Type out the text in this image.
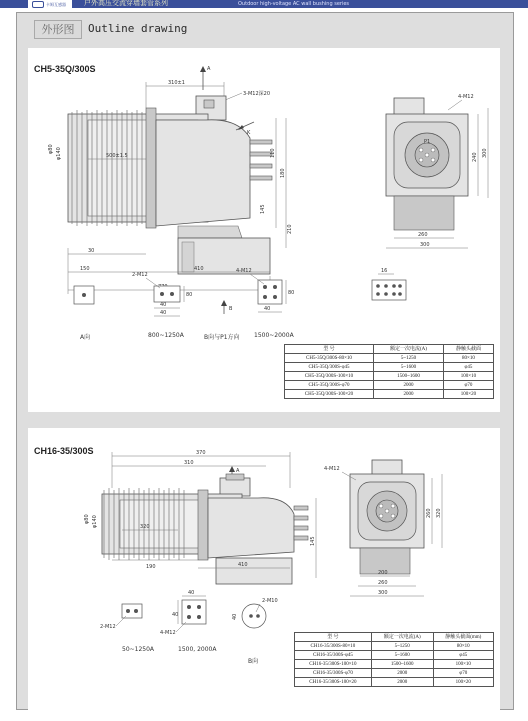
卡姆互感器	户外高压交流穿墙套管系列	Outdoor high-voltage AC wall bushing series
外形图	Outline drawing
CH5-35Q/300S
310±1
A
3-M12深20
500±1.5
φ80 φ140
K
110
180
145
210
30
150	410
B
P1
4-M12
240 300
260
300
2-M12
40
40
80
4-M12
40
80
16
A向	800~1250A	B向与P1方向 1500~2000A
型 号	额定一次电流(A)	静触头截面
CH5-35Q/300S-80×10	5~1250	80×10
CH5-35Q/300S-φ45	5~1600	φ45
CH5-35Q/300S-100×10	1500~1600	100×10
CH5-35Q/300S-φ70	2000	φ70
CH5-35Q/300S-100×20	2000	100×20
CH16-35/300S	370
310
A
φ80 φ140	320
145
190	410
4-M12
260 320
200
260
300
2-M12
4-M12
40
40
2-M10
40
50~1250A	1500, 2000A
B向
型 号	额定一次电流(A)	静触头截面(mm)
CH16-35/300S-80×10	5~1250	80×10
CH16-35/300S-φ45	5~1600	φ45
CH16-35/300S-100×10	1500~1600	100×10
CH16-35/300S-φ70	2000	φ70
CH16-35/300S-100×20	2000	100×20
